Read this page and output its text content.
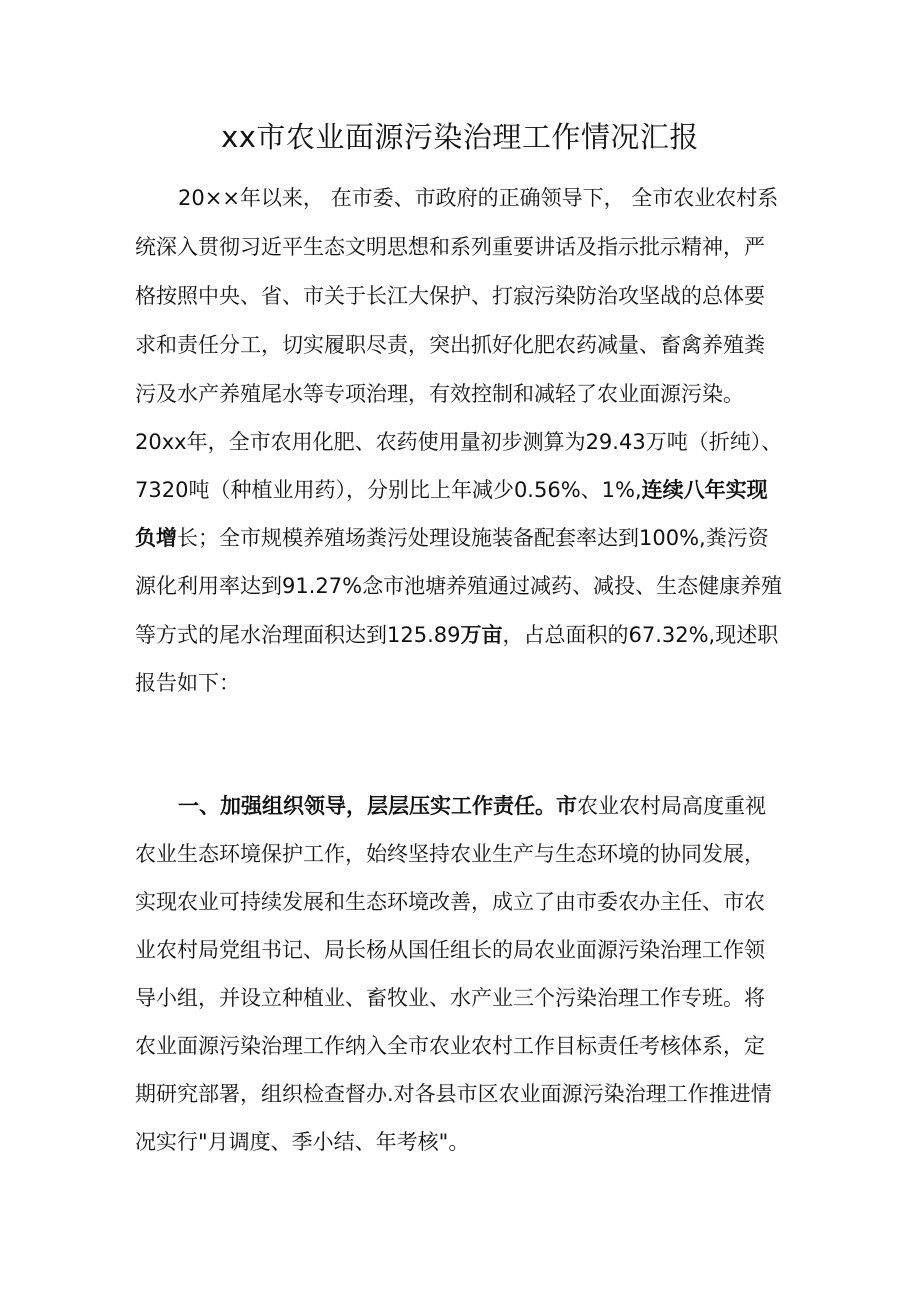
xx市农业面源污染治理工作情况汇报
20××年以来， 在市委、市政府的正确领导下， 全市农业农村系
统深入贯彻习近平生态文明思想和系列重要讲话及指示批示精神，严
格按照中央、省、市关于长江大保护、打寂污染防治攻坚战的总体要
求和责任分工，切实履职尽责，突出抓好化肥农药减量、畜禽养殖粪
污及水产养殖尾水等专项治理，有效控制和减轻了农业面源污染。
20xx年，全市农用化肥、农药使用量初步测算为29.43万吨（折纯）、
7320吨（种植业用药），分别比上年减少0.56%、1%,连续八年实现
负增长；全市规模养殖场粪污处理设施装备配套率达到100%,粪污资
源化利用率达到91.27%念市池塘养殖通过减药、减投、生态健康养殖
等方式的尾水治理面积达到125.89万亩，占总面积的67.32%,现述职
报告如下：
一、加强组织领导，层层压实工作责任。市农业农村局高度重视
农业生态环境保护工作，始终坚持农业生产与生态环境的协同发展，
实现农业可持续发展和生态环境改善，成立了由市委农办主任、市农
业农村局党组书记、局长杨从国任组长的局农业面源污染治理工作领
导小组，并设立种植业、畜牧业、水产业三个污染治理工作专班。将
农业面源污染治理工作纳入全市农业农村工作目标责任考核体系，定
期研究部署，组织检查督办.对各县市区农业面源污染治理工作推进情
况实行"月调度、季小结、年考核"。
